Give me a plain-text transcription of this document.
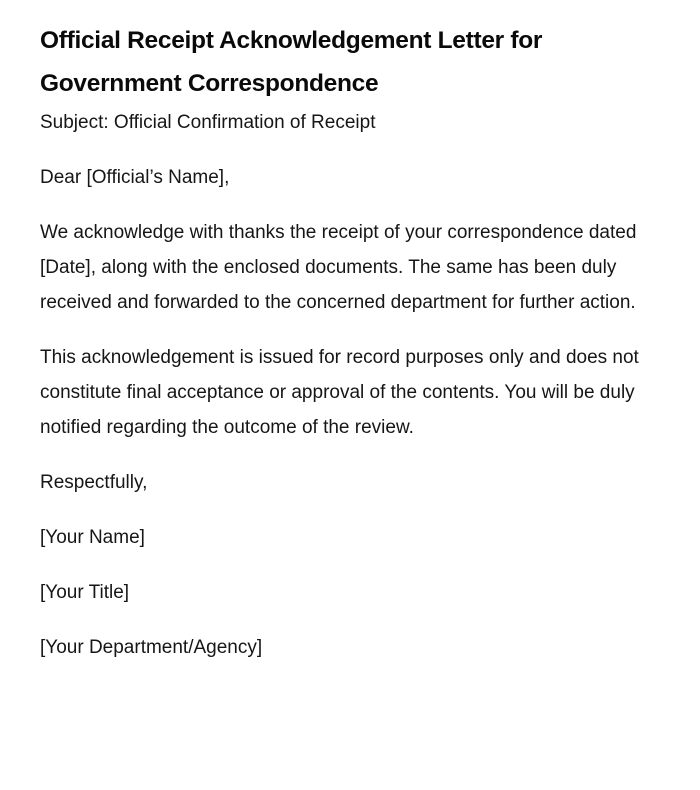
Official Receipt Acknowledgement Letter for Government Correspondence

Subject: Official Confirmation of Receipt

Dear [Official’s Name],

We acknowledge with thanks the receipt of your correspondence dated [Date], along with the enclosed documents. The same has been duly received and forwarded to the concerned department for further action.

This acknowledgement is issued for record purposes only and does not constitute final acceptance or approval of the contents. You will be duly notified regarding the outcome of the review.

Respectfully,

[Your Name]

[Your Title]

[Your Department/Agency]
